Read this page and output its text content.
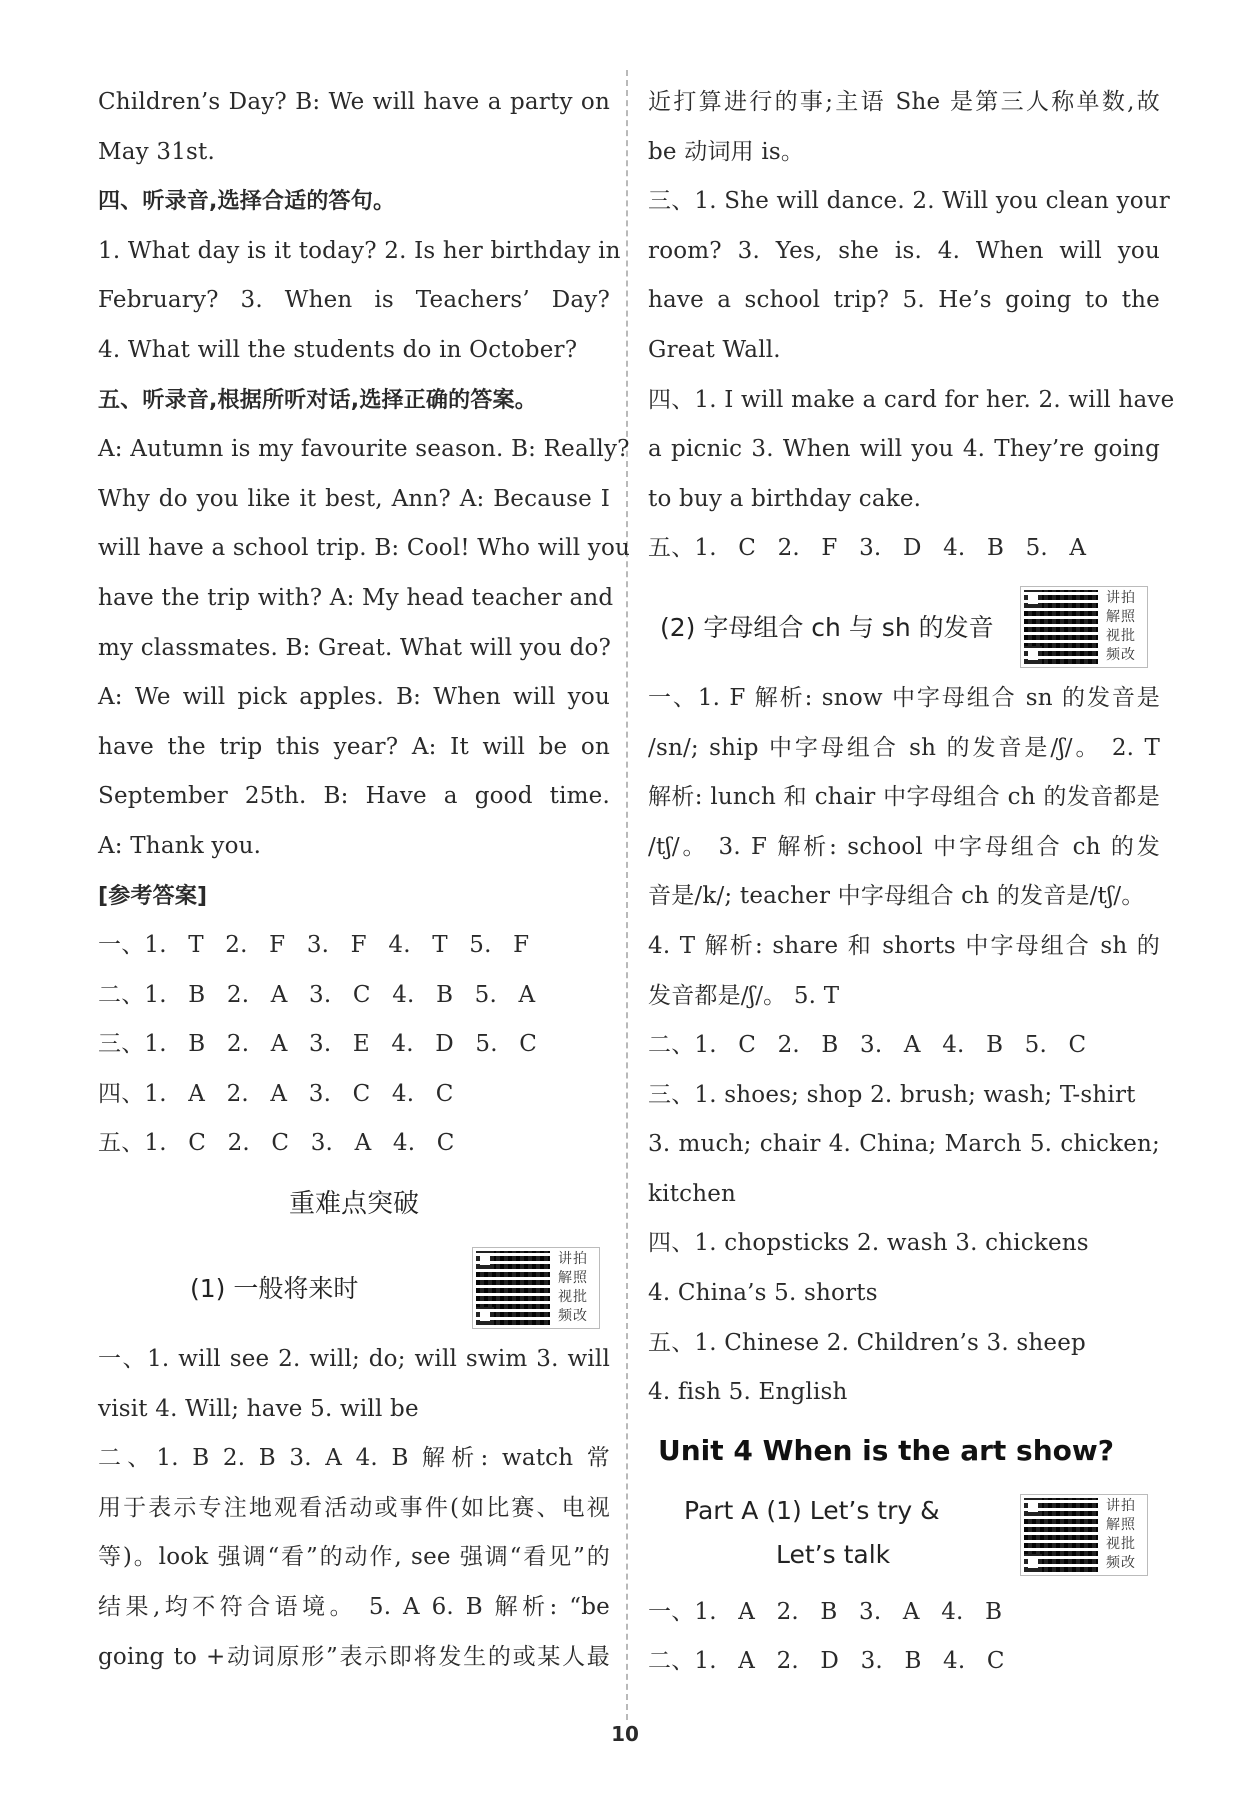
Children’s Day? B: We will have a party on
May 31st.
四、听录音,选择合适的答句。
1. What day is it today? 2. Is her birthday in
February? 3. When is Teachers’ Day?
4. What will the students do in October?
五、听录音,根据所听对话,选择正确的答案。
A: Autumn is my favourite season. B: Really?
Why do you like it best, Ann? A: Because I
will have a school trip. B: Cool! Who will you
have the trip with? A: My head teacher and
my classmates. B: Great. What will you do?
A: We will pick apples. B: When will you
have the trip this year? A: It will be on
September 25th. B: Have a good time.
A: Thank you.
[参考答案]
一、1. T 2. F 3. F 4. T 5. F
二、1. B 2. A 3. C 4. B 5. A
三、1. B 2. A 3. E 4. D 5. C
四、1. A 2. A 3. C 4. C
五、1. C 2. C 3. A 4. C
重难点突破
(1) 一般将来时
讲拍
解照
视批
频改
一、1. will see 2. will; do; will swim 3. will
visit 4. Will; have 5. will be
二、1. B 2. B 3. A 4. B 解析: watch 常
用于表示专注地观看活动或事件(如比赛、电视
等)。look 强调“看”的动作, see 强调“看见”的
结果,均不符合语境。 5. A 6. B 解析: “be
going to +动词原形”表示即将发生的或某人最
近打算进行的事;主语 She 是第三人称单数,故
be 动词用 is。
三、1. She will dance. 2. Will you clean your
room? 3. Yes, she is. 4. When will you
have a school trip? 5. He’s going to the
Great Wall.
四、1. I will make a card for her. 2. will have
a picnic 3. When will you 4. They’re going
to buy a birthday cake.
五、1. C 2. F 3. D 4. B 5. A
(2) 字母组合 ch 与 sh 的发音
讲拍
解照
视批
频改
一、1. F 解析: snow 中字母组合 sn 的发音是
/sn/; ship 中字母组合 sh 的发音是/ʃ/。 2. T
解析: lunch 和 chair 中字母组合 ch 的发音都是
/tʃ/。 3. F 解析: school 中字母组合 ch 的发
音是/k/; teacher 中字母组合 ch 的发音是/tʃ/。
4. T 解析: share 和 shorts 中字母组合 sh 的
发音都是/ʃ/。 5. T
二、1. C 2. B 3. A 4. B 5. C
三、1. shoes; shop 2. brush; wash; T-shirt
3. much; chair 4. China; March 5. chicken;
kitchen
四、1. chopsticks 2. wash 3. chickens
4. China’s 5. shorts
五、1. Chinese 2. Children’s 3. sheep
4. fish 5. English
Unit 4 When is the art show?
Part A (1) Let’s try &
Let’s talk
讲拍
解照
视批
频改
一、1. A 2. B 3. A 4. B
二、1. A 2. D 3. B 4. C
10
